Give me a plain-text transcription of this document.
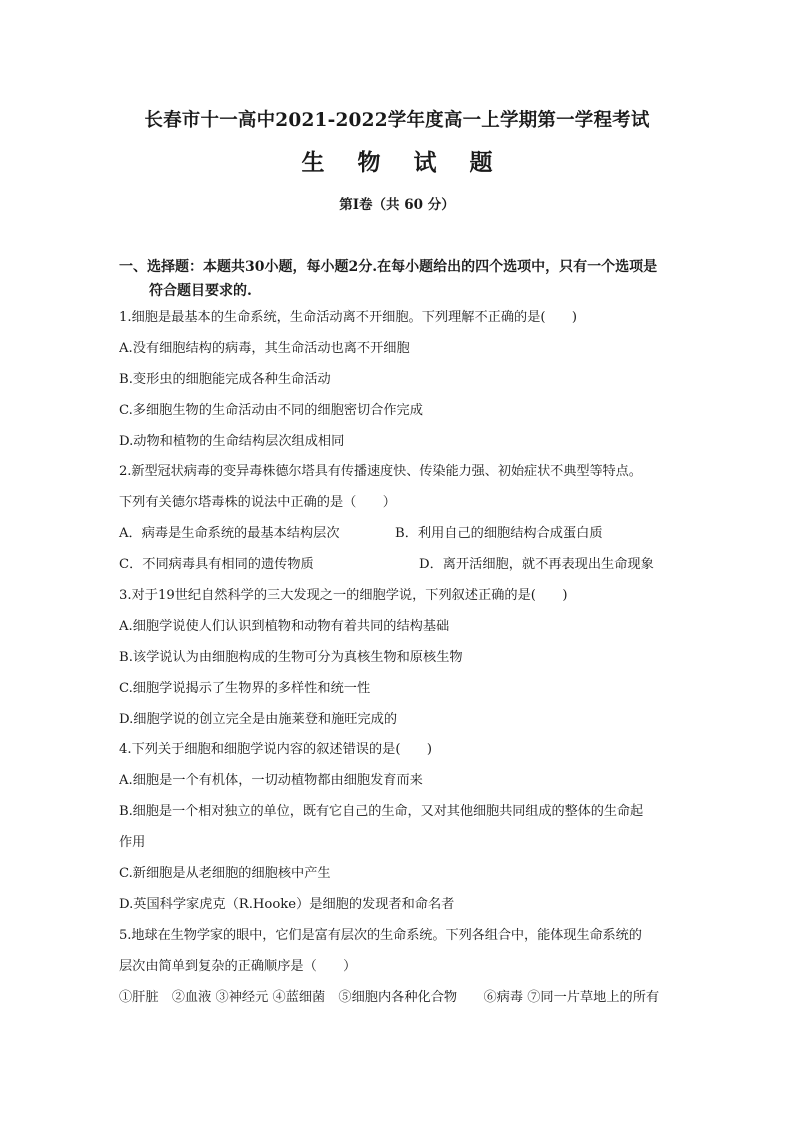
长春市十一高中2021-2022学年度高一上学期第一学程考试
生物试题
第Ⅰ卷（共 60 分）
一、选择题：本题共30小题，每小题2分.在每小题给出的四个选项中，只有一个选项是
符合题目要求的.
1.细胞是最基本的生命系统，生命活动离不开细胞。下列理解不正确的是(　　)
A.没有细胞结构的病毒，其生命活动也离不开细胞
B.变形虫的细胞能完成各种生命活动
C.多细胞生物的生命活动由不同的细胞密切合作完成
D.动物和植物的生命结构层次组成相同
2.新型冠状病毒的变异毒株德尔塔具有传播速度快、传染能力强、初始症状不典型等特点。
下列有关德尔塔毒株的说法中正确的是（　　）
A．病毒是生命系统的最基本结构层次	B．利用自己的细胞结构合成蛋白质
C．不同病毒具有相同的遗传物质	D．离开活细胞，就不再表现出生命现象
3.对于19世纪自然科学的三大发现之一的细胞学说，下列叙述正确的是(　　)
A.细胞学说使人们认识到植物和动物有着共同的结构基础
B.该学说认为由细胞构成的生物可分为真核生物和原核生物
C.细胞学说揭示了生物界的多样性和统一性
D.细胞学说的创立完全是由施莱登和施旺完成的
4.下列关于细胞和细胞学说内容的叙述错误的是(　　)
A.细胞是一个有机体，一切动植物都由细胞发育而来
B.细胞是一个相对独立的单位，既有它自己的生命，又对其他细胞共同组成的整体的生命起
作用
C.新细胞是从老细胞的细胞核中产生
D.英国科学家虎克（R.Hooke）是细胞的发现者和命名者
5.地球在生物学家的眼中，它们是富有层次的生命系统。下列各组合中，能体现生命系统的
层次由简单到复杂的正确顺序是（　　）
①肝脏　②血液 ③神经元 ④蓝细菌　⑤细胞内各种化合物　　⑥病毒 ⑦同一片草地上的所有
